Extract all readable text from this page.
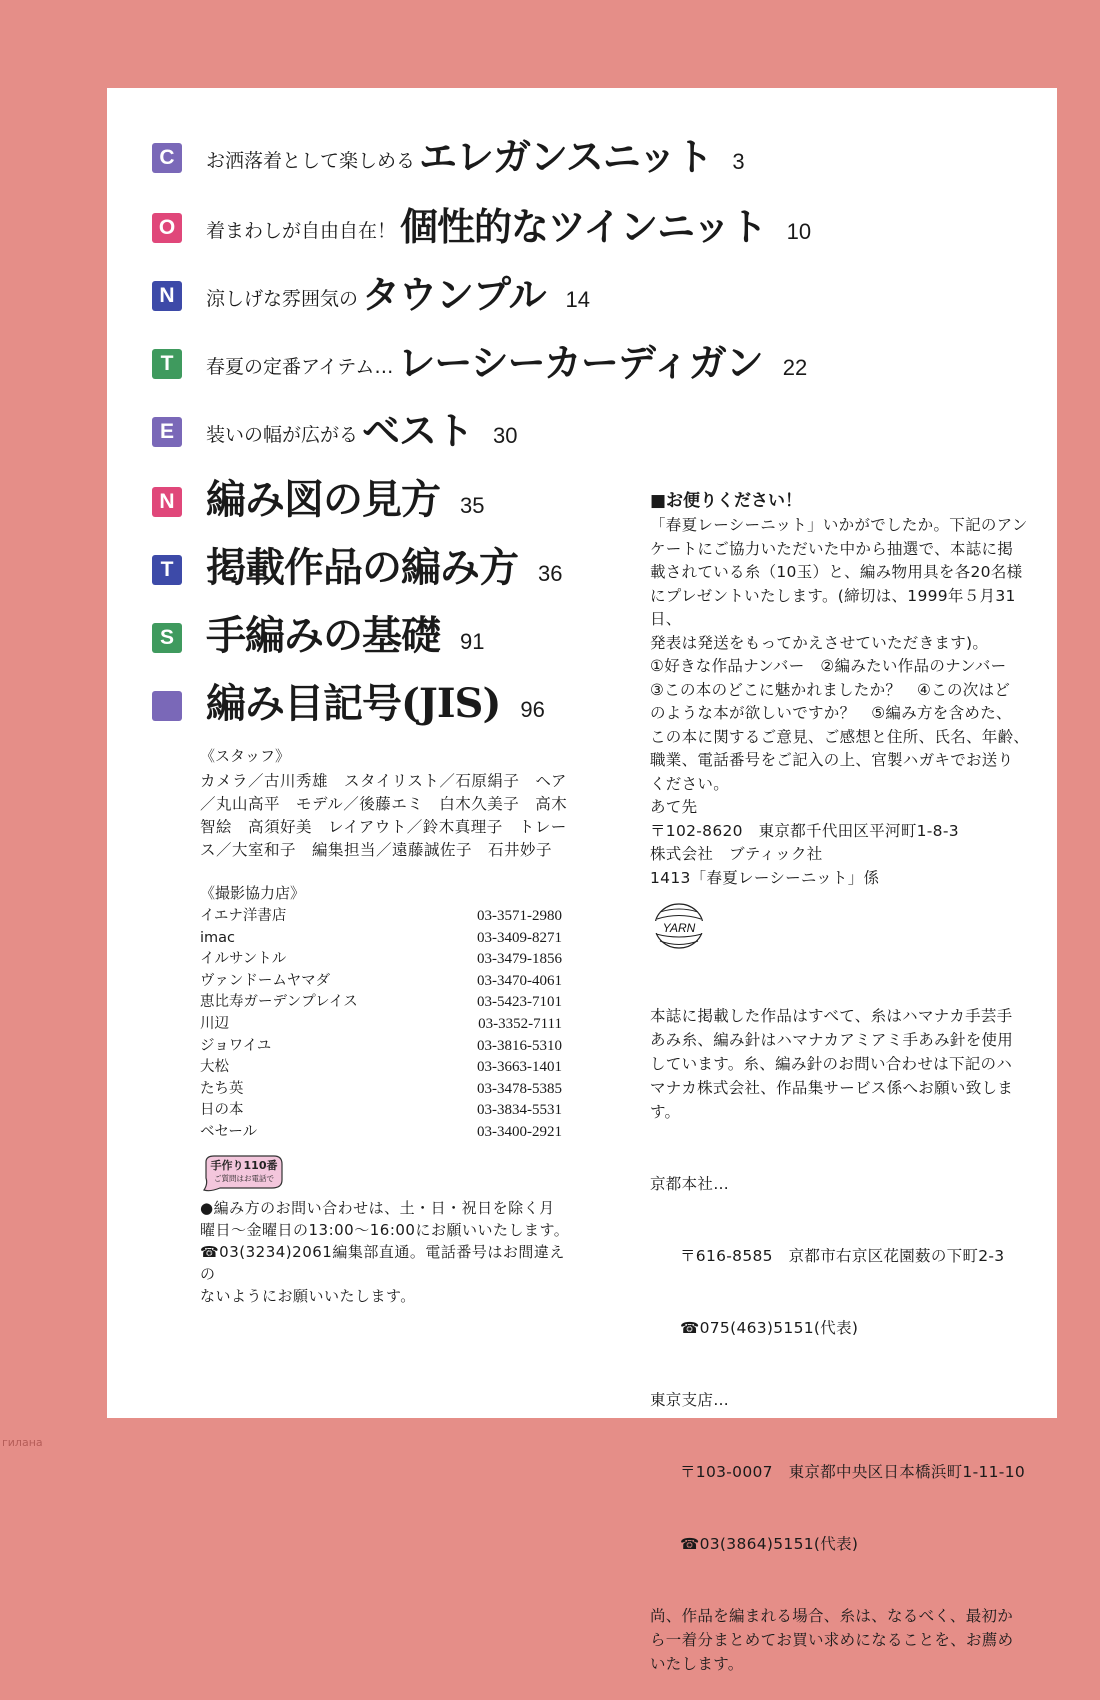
C	お洒落着として楽しめる エレガンスニット 3
O	着まわしが自由自在！ 個性的なツインニット 10
N	涼しげな雰囲気の タウンプル 14
T	春夏の定番アイテム… レーシーカーディガン 22
E	装いの幅が広がる ベスト 30
N 編み図の見方 35
T 掲載作品の編み方 36
S 手編みの基礎 91
編み目記号(JIS) 96
《スタッフ》
カメラ／古川秀雄　スタイリスト／石原絹子　ヘア
／丸山高平　モデル／後藤エミ　白木久美子　高木
智絵　高須好美　レイアウト／鈴木真理子　トレー
ス／大室和子　編集担当／遠藤誠佐子　石井妙子
《撮影協力店》
イエナ洋書店	03-3571-2980
imac	03-3409-8271
イルサントル	03-3479-1856
ヴァンドームヤマダ	03-3470-4061
恵比寿ガーデンプレイス	03-5423-7101
川辺	03-3352-7111
ジョワイユ	03-3816-5310
大松	03-3663-1401
たち英	03-3478-5385
日の本	03-3834-5531
ベセール	03-3400-2921
手作り110番
ご質問はお電話で
●編み方のお問い合わせは、土・日・祝日を除く月
曜日～金曜日の13:00～16:00にお願いいたします。
☎03(3234)2061編集部直通。電話番号はお間違えの
ないようにお願いいたします。
■お便りください！
「春夏レーシーニット」いかがでしたか。下記のアン
ケートにご協力いただいた中から抽選で、本誌に掲
載されている糸（10玉）と、編み物用具を各20名様
にプレゼントいたします。(締切は、1999年５月31日、
発表は発送をもってかえさせていただきます)。
①好きな作品ナンバー　②編みたい作品のナンバー
③この本のどこに魅かれましたか？　④この次はど
のような本が欲しいですか？　⑤編み方を含めた、
この本に関するご意見、ご感想と住所、氏名、年齢、
職業、電話番号をご記入の上、官製ハガキでお送り
ください。
あて先
〒102-8620　東京都千代田区平河町1-8-3
株式会社　ブティック社
1413「春夏レーシーニット」係
YARN

本誌に掲載した作品はすべて、糸はハマナカ手芸手
あみ糸、編み針はハマナカアミアミ手あみ針を使用
しています。糸、編み針のお問い合わせは下記のハ
マナカ株式会社、作品集サービス係へお願い致しま
す。

京都本社…

〒616-8585　京都市右京区花園薮の下町2-3

☎075(463)5151(代表)

東京支店…

〒103-0007　東京都中央区日本橋浜町1-11-10

☎03(3864)5151(代表)

尚、作品を編まれる場合、糸は、なるべく、最初か
ら一着分まとめてお買い求めになることを、お薦め
いたします。

гилана
